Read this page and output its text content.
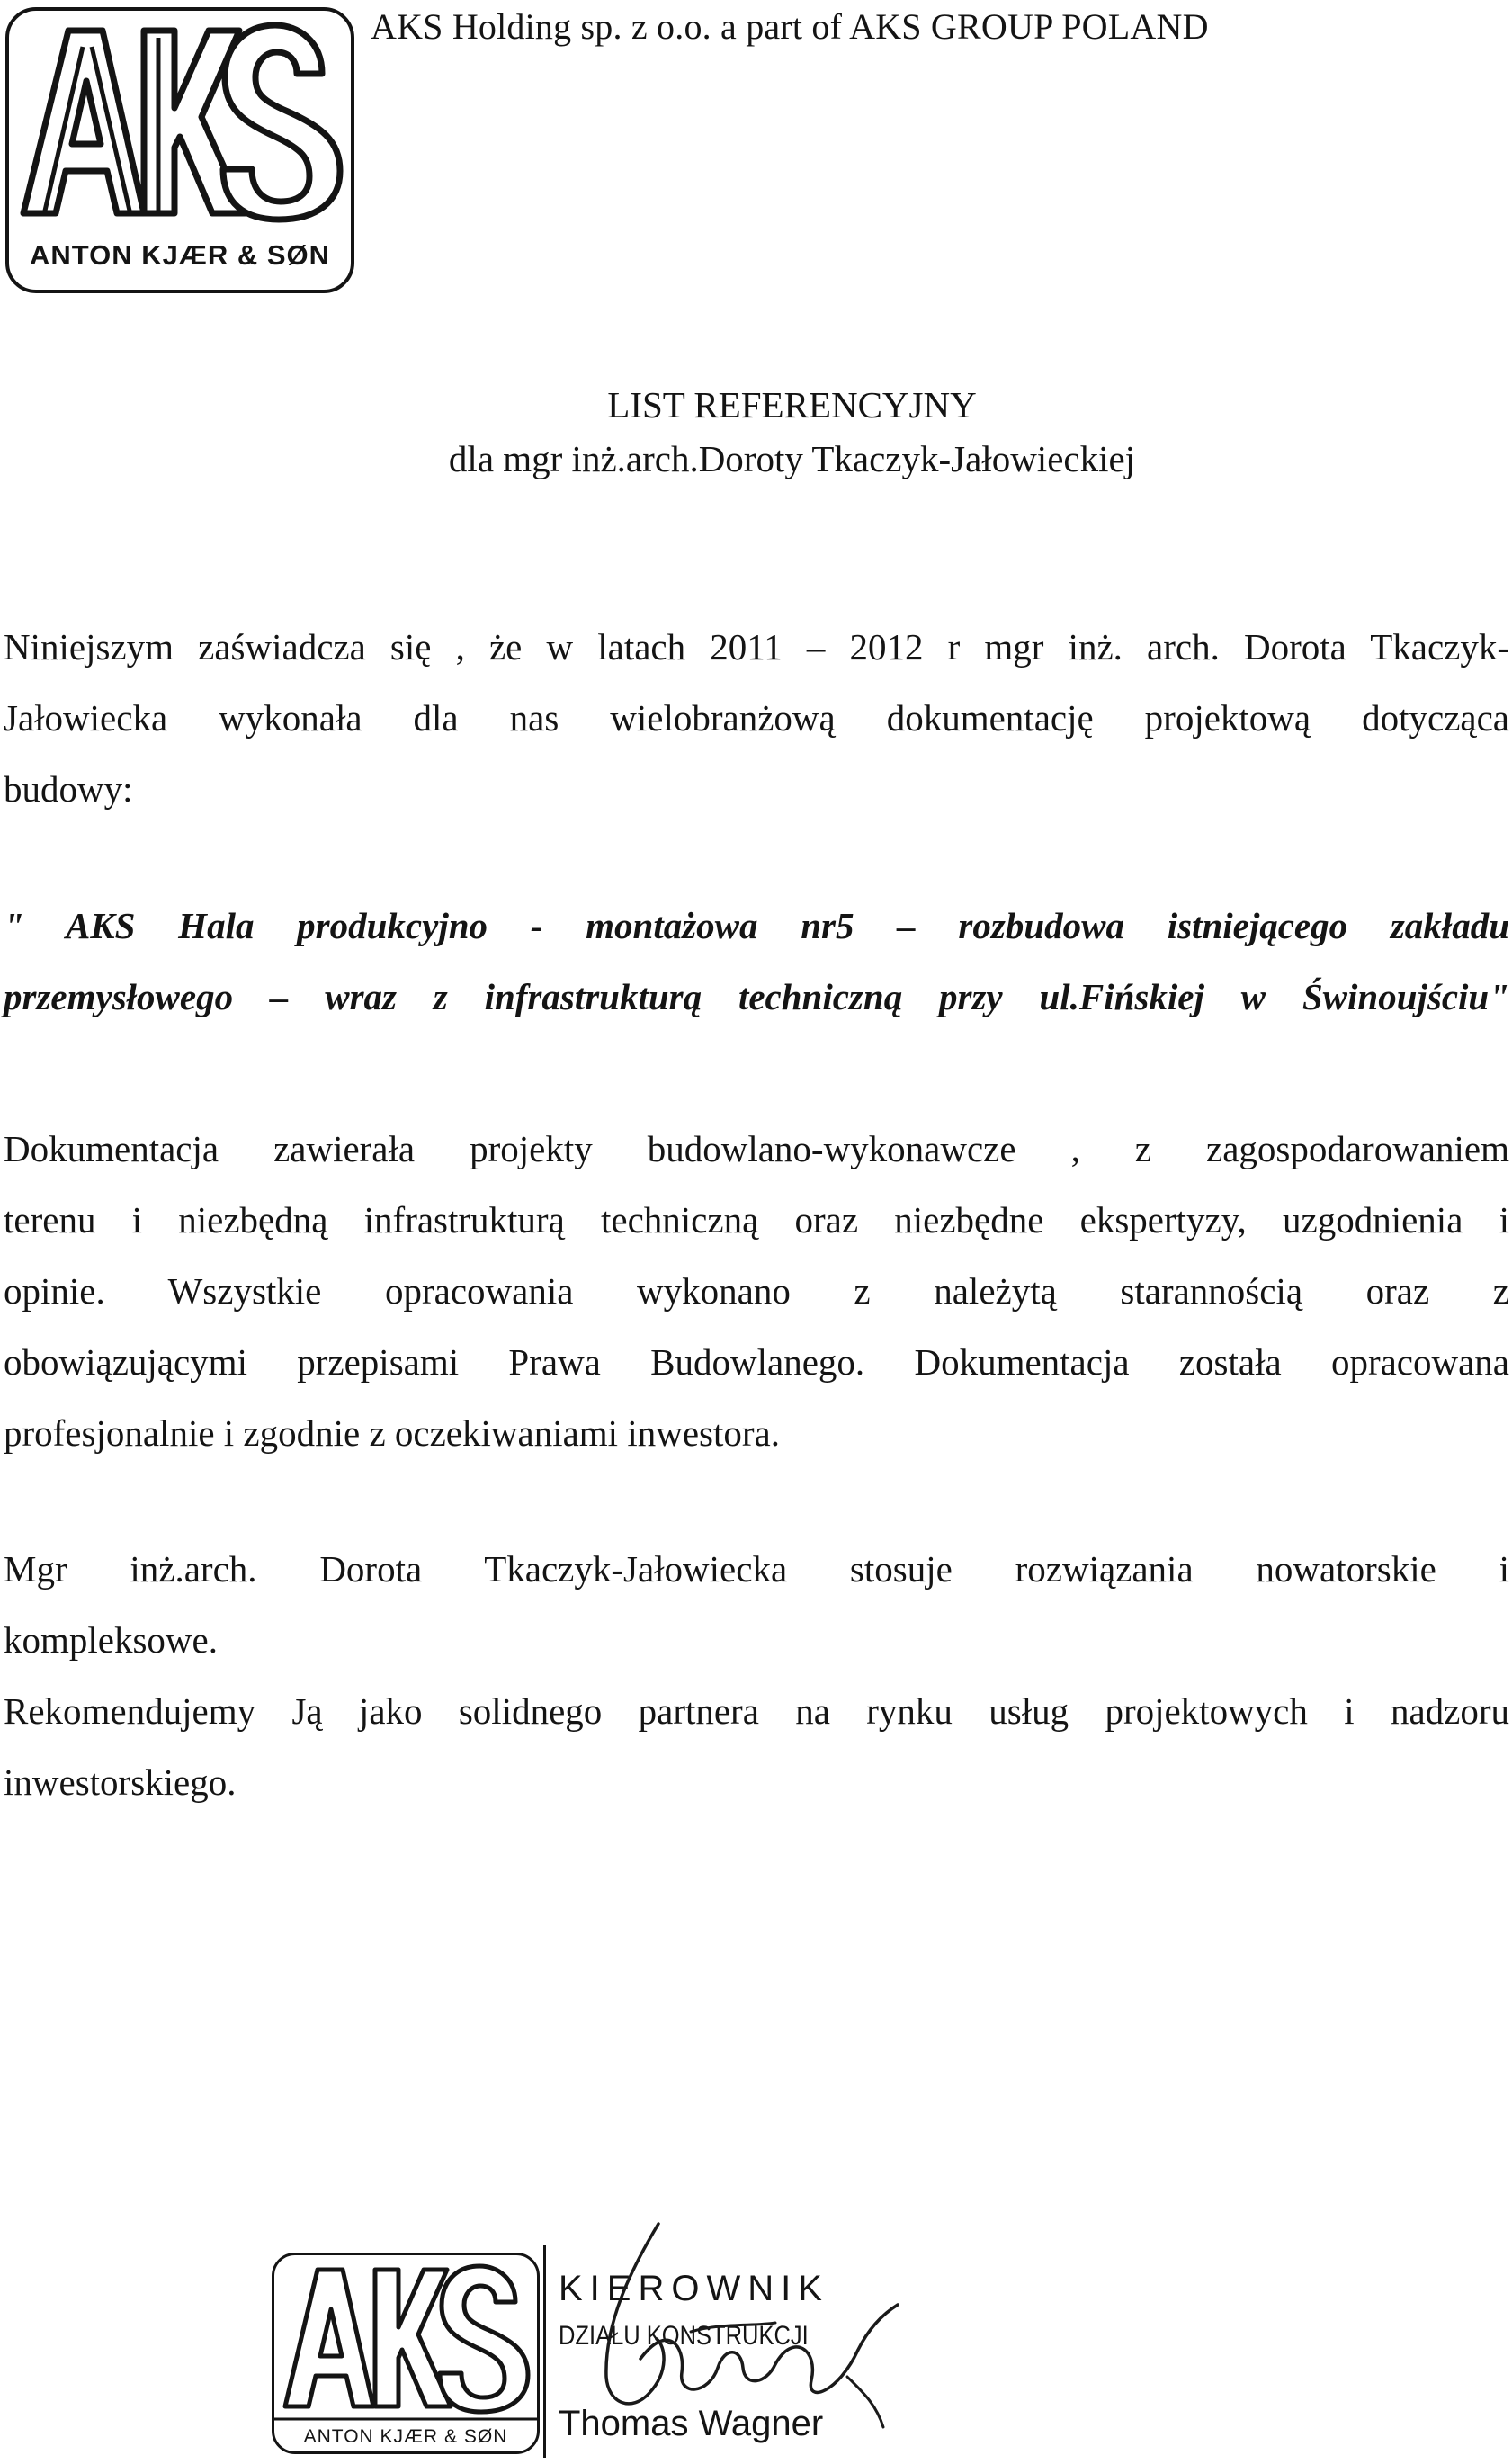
ANTON KJÆR & SØN
AKS Holding sp. z o.o. a part of AKS GROUP POLAND
LIST REFERENCYJNY
dla mgr inż.arch.Doroty Tkaczyk-Jałowieckiej
Niniejszym zaświadcza się , że w latach 2011 – 2012 r mgr inż. arch. Dorota Tkaczyk-
Jałowiecka wykonała dla nas wielobranżową dokumentację projektową dotycząca
budowy:
" AKS Hala produkcyjno - montażowa nr5 – rozbudowa istniejącego zakładu
przemysłowego – wraz z infrastrukturą techniczną przy ul.Fińskiej w Świnoujściu"
Dokumentacja zawierała projekty budowlano-wykonawcze , z zagospodarowaniem
terenu i niezbędną infrastrukturą techniczną oraz niezbędne ekspertyzy, uzgodnienia i
opinie. Wszystkie opracowania wykonano z należytą starannością oraz z
obowiązującymi przepisami Prawa Budowlanego. Dokumentacja została opracowana
profesjonalnie i zgodnie z oczekiwaniami inwestora.
Mgr inż.arch. Dorota Tkaczyk-Jałowiecka stosuje rozwiązania nowatorskie i
kompleksowe.
Rekomendujemy Ją jako solidnego partnera na rynku usług projektowych i nadzoru
inwestorskiego.
ANTON KJÆR & SØN
KIEROWNIK
DZIAŁU KONSTRUKCJI
Thomas Wagner
